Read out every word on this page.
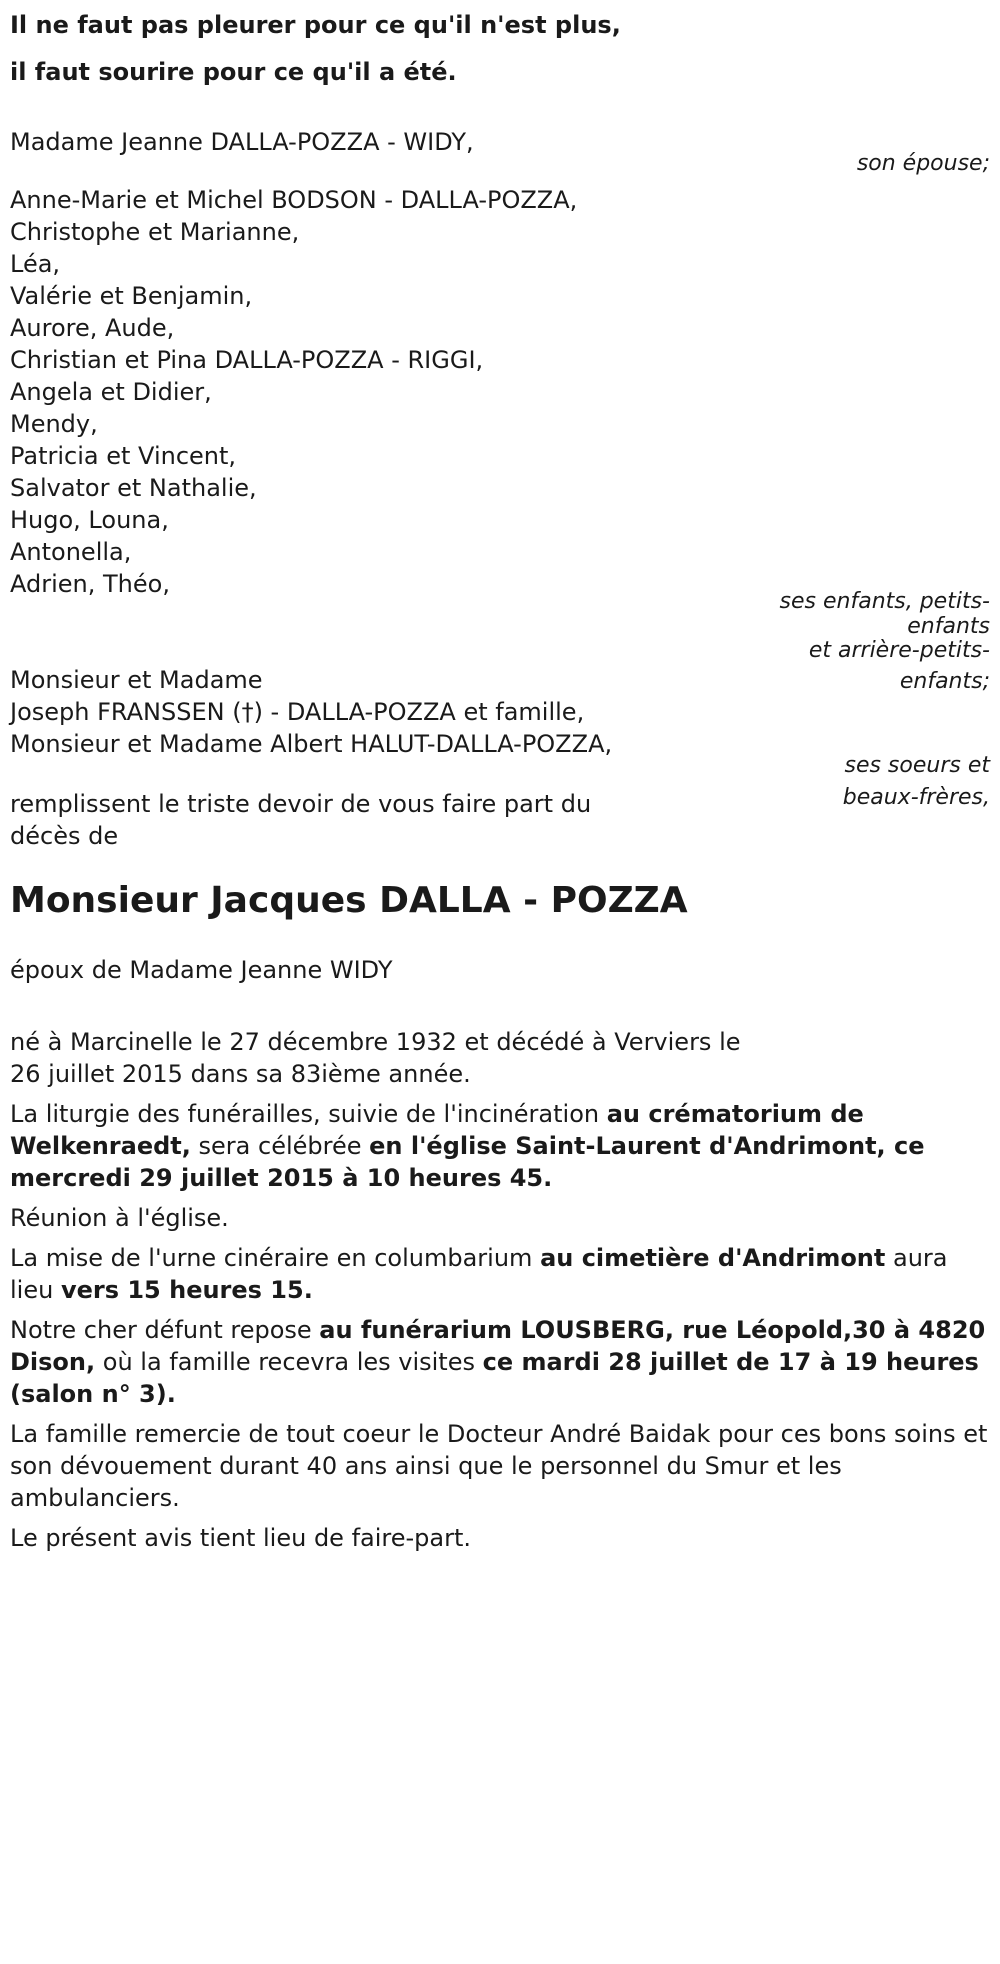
Il ne faut pas pleurer pour ce qu'il n'est plus,
il faut sourire pour ce qu'il a été.
Madame Jeanne DALLA-POZZA - WIDY,
son épouse;
Anne-Marie et Michel BODSON - DALLA-POZZA,
Christophe et Marianne,
Léa,
Valérie et Benjamin,
Aurore, Aude,
Christian et Pina DALLA-POZZA - RIGGI,
Angela et Didier,
Mendy,
Patricia et Vincent,
Salvator et Nathalie,
Hugo, Louna,
Antonella,
Adrien, Théo,
ses enfants, petits-
enfants
et arrière-petits-
enfants;
Monsieur et Madame
Joseph FRANSSEN (†) - DALLA-POZZA et famille,
Monsieur et Madame Albert HALUT-DALLA-POZZA,
ses soeurs et
beaux-frères,
remplissent le triste devoir de vous faire part du
décès de
Monsieur Jacques DALLA - POZZA
époux de Madame Jeanne WIDY
né à Marcinelle le 27 décembre 1932 et décédé à Verviers le 26 juillet 2015 dans sa 83ième année.
La liturgie des funérailles, suivie de l'incinération au crématorium de Welkenraedt, sera célébrée en l'église Saint-Laurent d'Andrimont, ce mercredi 29 juillet 2015 à 10 heures 45.
Réunion à l'église.
La mise de l'urne cinéraire en columbarium au cimetière d'Andrimont aura lieu vers 15 heures 15.
Notre cher défunt repose au funérarium LOUSBERG, rue Léopold,30 à 4820 Dison, où la famille recevra les visites ce mardi 28 juillet de 17 à 19 heures (salon n° 3).
La famille remercie de tout coeur le Docteur André Baidak pour ces bons soins et son dévouement durant 40 ans ainsi que le personnel du Smur et les ambulanciers.
Le présent avis tient lieu de faire-part.
